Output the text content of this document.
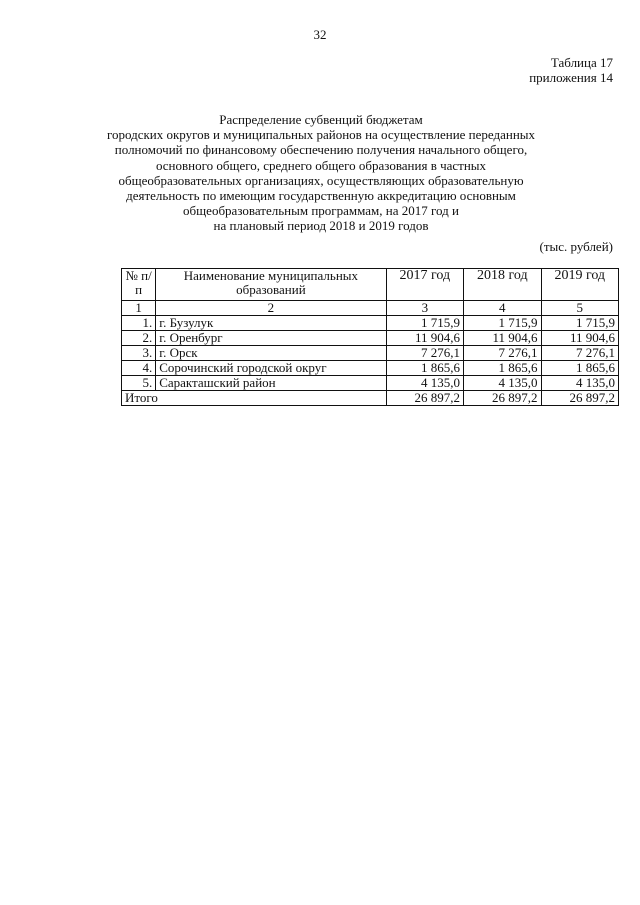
32
Таблица 17
приложения 14
Распределение субвенций бюджетам
городских округов и муниципальных районов на осуществление переданных
полномочий по финансовому обеспечению получения начального общего,
основного общего, среднего общего образования в частных
общеобразовательных организациях, осуществляющих образовательную
деятельность по имеющим государственную аккредитацию основным
общеобразовательным программам, на 2017 год и
на плановый период 2018 и 2019 годов
(тыс. рублей)
№ п/п	Наименование муниципальных образований	2017 год	2018 год	2019 год
1	2	3	4	5
1.	г. Бузулук	1 715,9	1 715,9	1 715,9
2.	г. Оренбург	11 904,6	11 904,6	11 904,6
3.	г. Орск	7 276,1	7 276,1	7 276,1
4.	Сорочинский городской округ	1 865,6	1 865,6	1 865,6
5.	Саракташский район	4 135,0	4 135,0	4 135,0
Итого		26 897,2	26 897,2	26 897,2
